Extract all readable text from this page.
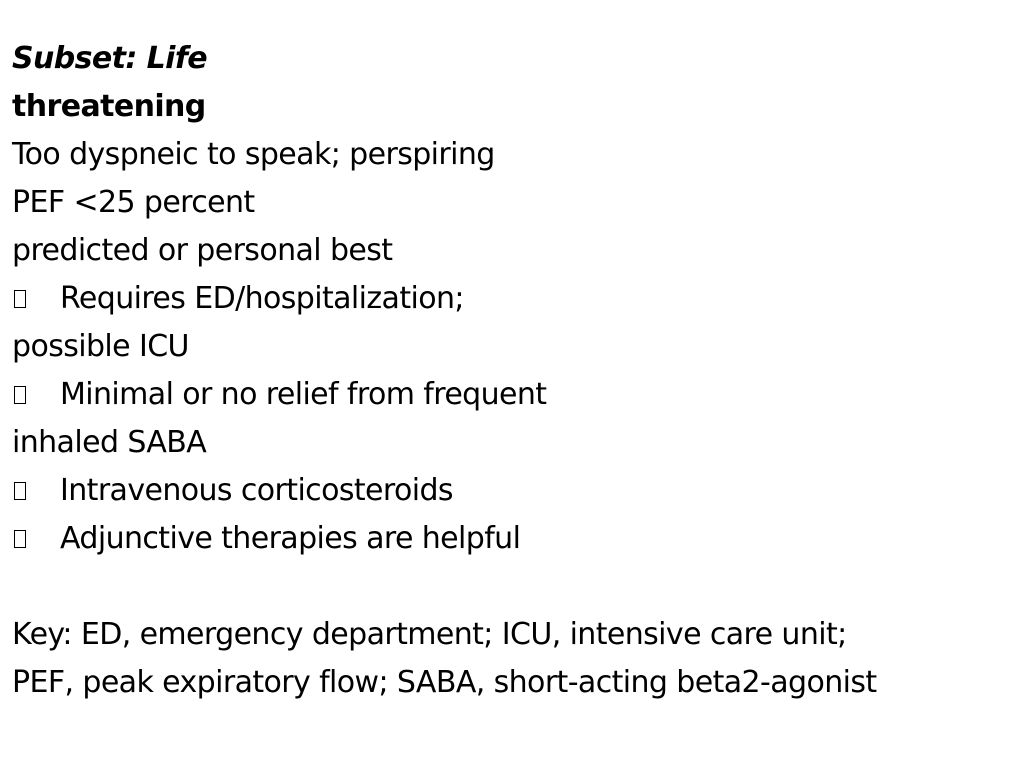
Subset: Life
threatening
Too dyspneic to speak; perspiring
PEF <25 percent
predicted or personal best
Requires ED/hospitalization;
possible ICU
Minimal or no relief from frequent
inhaled SABA
Intravenous corticosteroids
Adjunctive therapies are helpful
Key: ED, emergency department; ICU, intensive care unit;
PEF, peak expiratory flow; SABA, short-acting beta2-agonist
